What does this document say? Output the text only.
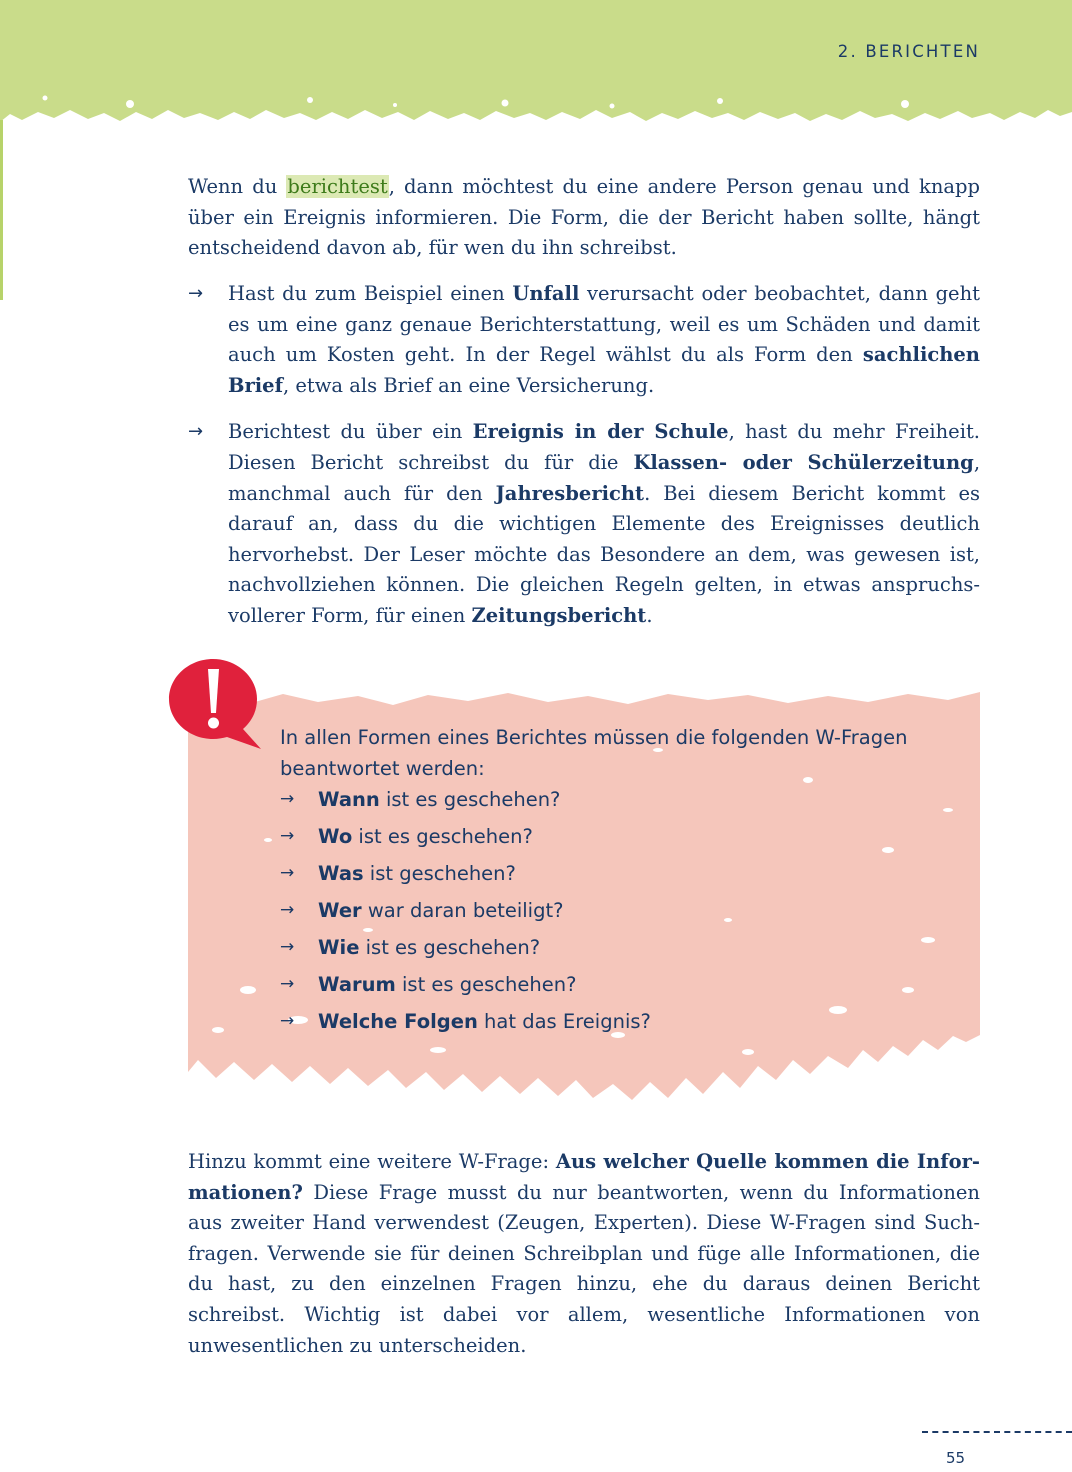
2. BERICHTEN

Wenn du berichtest, dann möchtest du eine andere Person genau und knapp über ein Ereignis informieren. Die Form, die der Bericht haben sollte, hängt entscheidend davon ab, für wen du ihn schreibst.

→ Hast du zum Beispiel einen Unfall verursacht oder beobachtet, dann geht es um eine ganz genaue Berichterstattung, weil es um Schäden und damit auch um Kosten geht. In der Regel wählst du als Form den sachlichen Brief, etwa als Brief an eine Versicherung.
→ Berichtest du über ein Ereignis in der Schule, hast du mehr Freiheit. Diesen Bericht schreibst du für die Klassen- oder Schülerzeitung, manchmal auch für den Jahresbericht. Bei diesem Bericht kommt es darauf an, dass du die wichtigen Elemente des Ereignisses deutlich hervorhebst. Der Leser möchte das Besondere an dem, was gewesen ist, nachvollziehen können. Die gleichen Regeln gelten, in etwas anspruchsvollerer Form, für einen Zeitungsbericht.
In allen Formen eines Berichtes müssen die folgenden W-Fragen beantwortet werden:
→ Wann ist es geschehen?
→ Wo ist es geschehen?
→ Was ist geschehen?
→ Wer war daran beteiligt?
→ Wie ist es geschehen?
→ Warum ist es geschehen?
→ Welche Folgen hat das Ereignis?

Hinzu kommt eine weitere W-Frage: Aus welcher Quelle kommen die Informationen? Diese Frage musst du nur beantworten, wenn du Informationen aus zweiter Hand verwendest (Zeugen, Experten). Diese W-Fragen sind Suchfragen. Verwende sie für deinen Schreibplan und füge alle Informationen, die du hast, zu den einzelnen Fragen hinzu, ehe du daraus deinen Bericht schreibst. Wichtig ist dabei vor allem, wesentliche Informationen von unwesentlichen zu unterscheiden.

55
